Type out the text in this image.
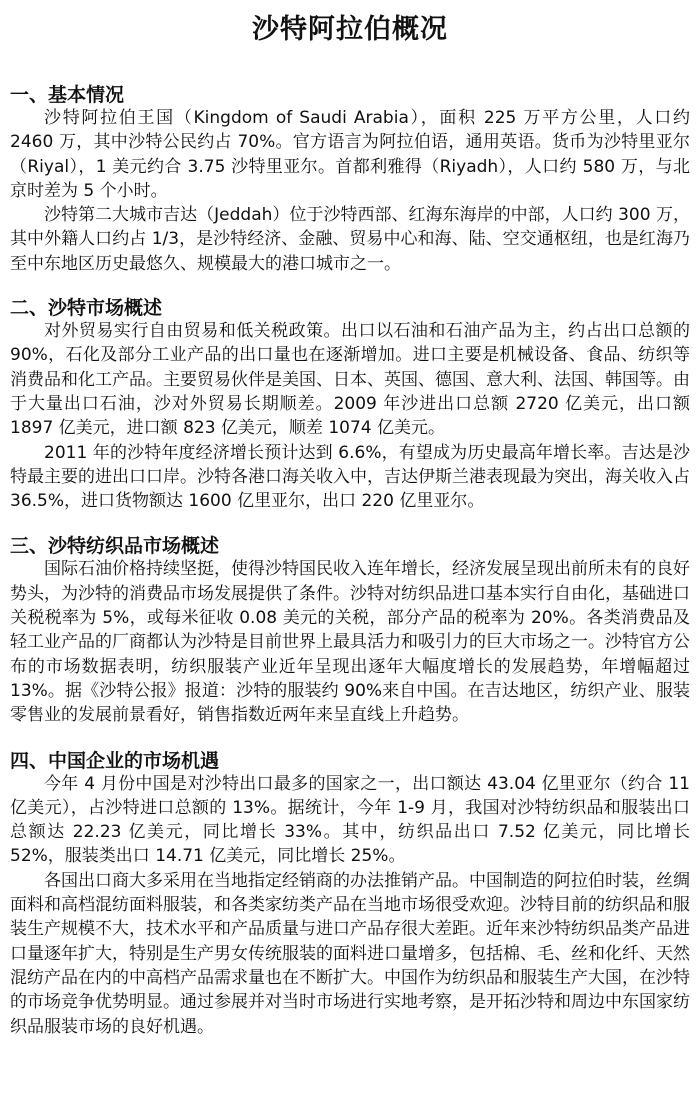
沙特阿拉伯概况
一、基本情况

沙特阿拉伯王国（Kingdom of Saudi Arabia），面积 225 万平方公里，人口约 2460 万，其中沙特公民约占 70%。官方语言为阿拉伯语，通用英语。货币为沙特里亚尔（Riyal），1 美元约合 3.75 沙特里亚尔。首都利雅得（Riyadh），人口约 580 万，与北京时差为 5 个小时。

沙特第二大城市吉达（Jeddah）位于沙特西部、红海东海岸的中部，人口约 300 万，其中外籍人口约占 1/3，是沙特经济、金融、贸易中心和海、陆、空交通枢纽，也是红海乃至中东地区历史最悠久、规模最大的港口城市之一。

二、沙特市场概述

对外贸易实行自由贸易和低关税政策。出口以石油和石油产品为主，约占出口总额的 90%，石化及部分工业产品的出口量也在逐渐增加。进口主要是机械设备、食品、纺织等消费品和化工产品。主要贸易伙伴是美国、日本、英国、德国、意大利、法国、韩国等。由于大量出口石油，沙对外贸易长期顺差。2009 年沙进出口总额 2720 亿美元，出口额 1897 亿美元，进口额 823 亿美元，顺差 1074 亿美元。

2011 年的沙特年度经济增长预计达到 6.6%，有望成为历史最高年增长率。吉达是沙特最主要的进出口口岸。沙特各港口海关收入中，吉达伊斯兰港表现最为突出，海关收入占 36.5%，进口货物额达 1600 亿里亚尔，出口 220 亿里亚尔。

三、沙特纺织品市场概述

国际石油价格持续坚挺，使得沙特国民收入连年增长，经济发展呈现出前所未有的良好势头，为沙特的消费品市场发展提供了条件。沙特对纺织品进口基本实行自由化，基础进口关税税率为 5%，或每米征收 0.08 美元的关税，部分产品的税率为 20%。各类消费品及轻工业产品的厂商都认为沙特是目前世界上最具活力和吸引力的巨大市场之一。沙特官方公布的市场数据表明，纺织服装产业近年呈现出逐年大幅度增长的发展趋势，年增幅超过 13%。据《沙特公报》报道：沙特的服装约 90%来自中国。在吉达地区，纺织产业、服装零售业的发展前景看好，销售指数近两年来呈直线上升趋势。

四、中国企业的市场机遇

今年 4 月份中国是对沙特出口最多的国家之一，出口额达 43.04 亿里亚尔（约合 11 亿美元），占沙特进口总额的 13%。据统计，今年 1-9 月，我国对沙特纺织品和服装出口总额达 22.23 亿美元，同比增长 33%。其中，纺织品出口 7.52 亿美元，同比增长 52%，服装类出口 14.71 亿美元，同比增长 25%。

各国出口商大多采用在当地指定经销商的办法推销产品。中国制造的阿拉伯时装，丝绸面料和高档混纺面料服装，和各类家纺类产品在当地市场很受欢迎。沙特目前的纺织品和服装生产规模不大，技术水平和产品质量与进口产品存很大差距。近年来沙特纺织品类产品进口量逐年扩大，特别是生产男女传统服装的面料进口量增多，包括棉、毛、丝和化纤、天然混纺产品在内的中高档产品需求量也在不断扩大。中国作为纺织品和服装生产大国，在沙特的市场竞争优势明显。通过参展并对当时市场进行实地考察，是开拓沙特和周边中东国家纺织品服装市场的良好机遇。
